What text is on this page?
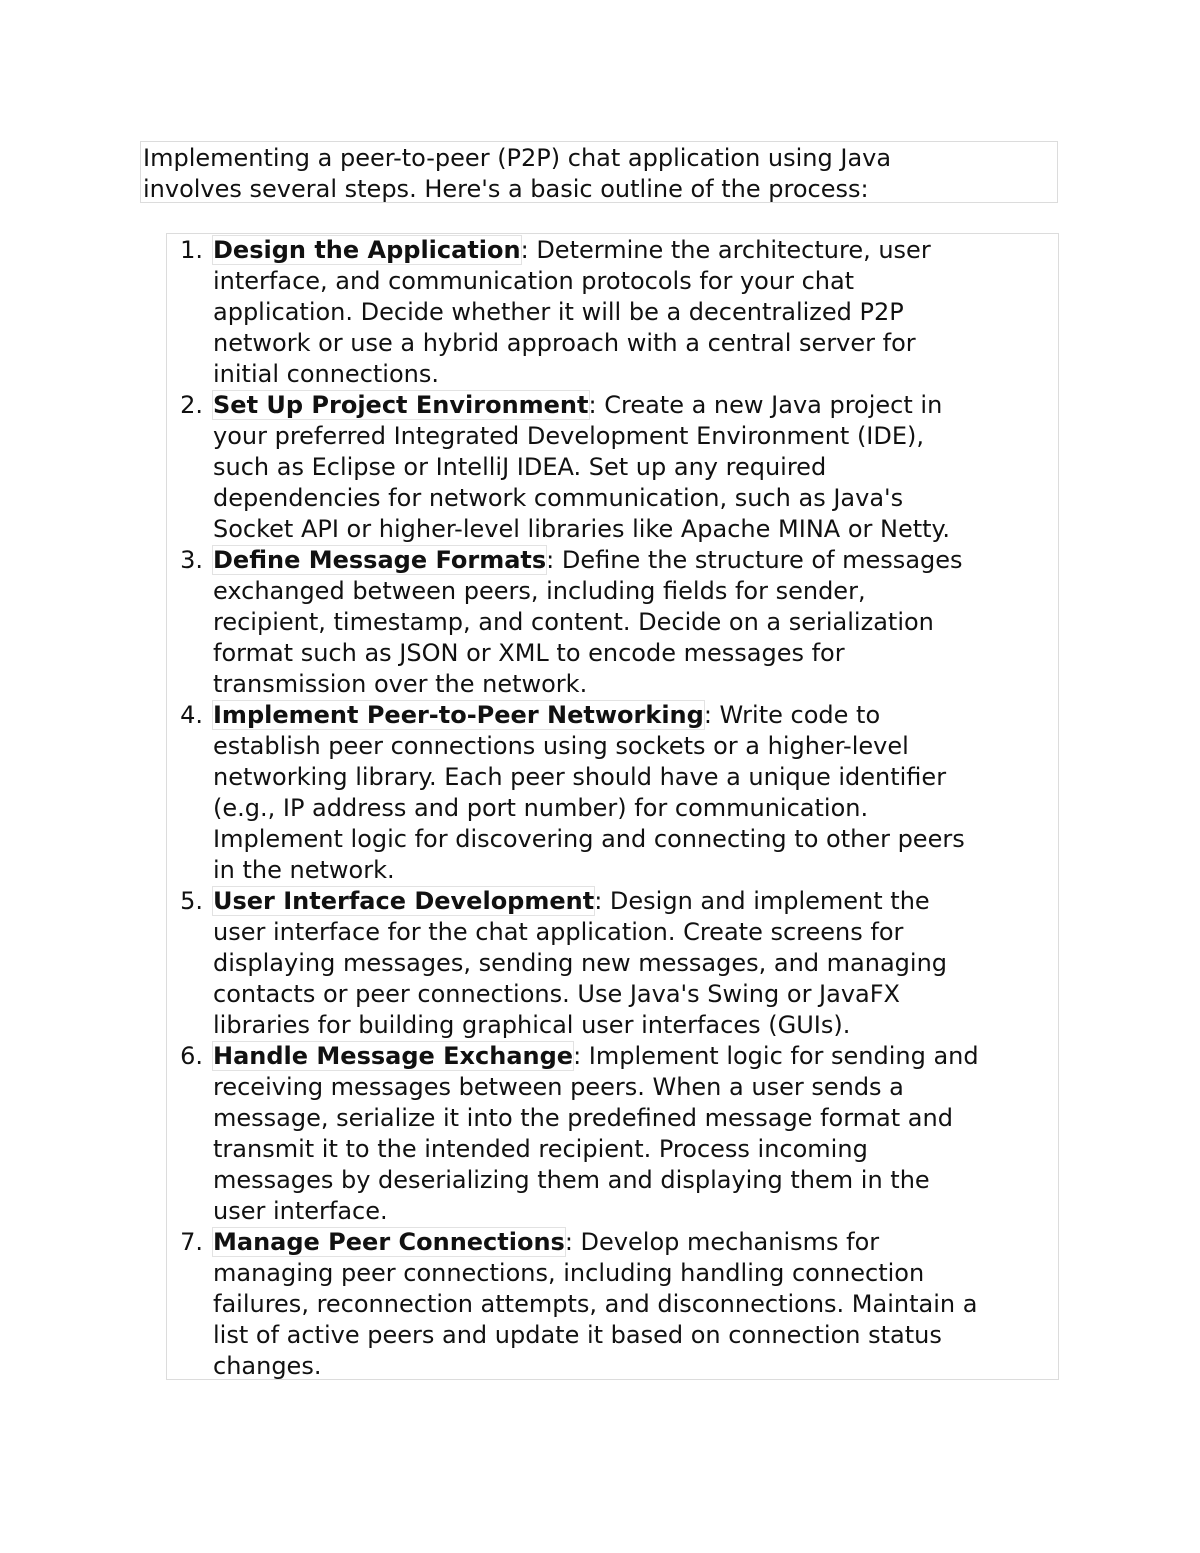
Implementing a peer-to-peer (P2P) chat application using Java
involves several steps. Here's a basic outline of the process:
1. Design the Application: Determine the architecture, user
interface, and communication protocols for your chat
application. Decide whether it will be a decentralized P2P
network or use a hybrid approach with a central server for
initial connections.
2. Set Up Project Environment: Create a new Java project in
your preferred Integrated Development Environment (IDE),
such as Eclipse or IntelliJ IDEA. Set up any required
dependencies for network communication, such as Java's
Socket API or higher-level libraries like Apache MINA or Netty.
3. Define Message Formats: Define the structure of messages
exchanged between peers, including fields for sender,
recipient, timestamp, and content. Decide on a serialization
format such as JSON or XML to encode messages for
transmission over the network.
4. Implement Peer-to-Peer Networking: Write code to
establish peer connections using sockets or a higher-level
networking library. Each peer should have a unique identifier
(e.g., IP address and port number) for communication.
Implement logic for discovering and connecting to other peers
in the network.
5. User Interface Development: Design and implement the
user interface for the chat application. Create screens for
displaying messages, sending new messages, and managing
contacts or peer connections. Use Java's Swing or JavaFX
libraries for building graphical user interfaces (GUIs).
6. Handle Message Exchange: Implement logic for sending and
receiving messages between peers. When a user sends a
message, serialize it into the predefined message format and
transmit it to the intended recipient. Process incoming
messages by deserializing them and displaying them in the
user interface.
7. Manage Peer Connections: Develop mechanisms for
managing peer connections, including handling connection
failures, reconnection attempts, and disconnections. Maintain a
list of active peers and update it based on connection status
changes.
